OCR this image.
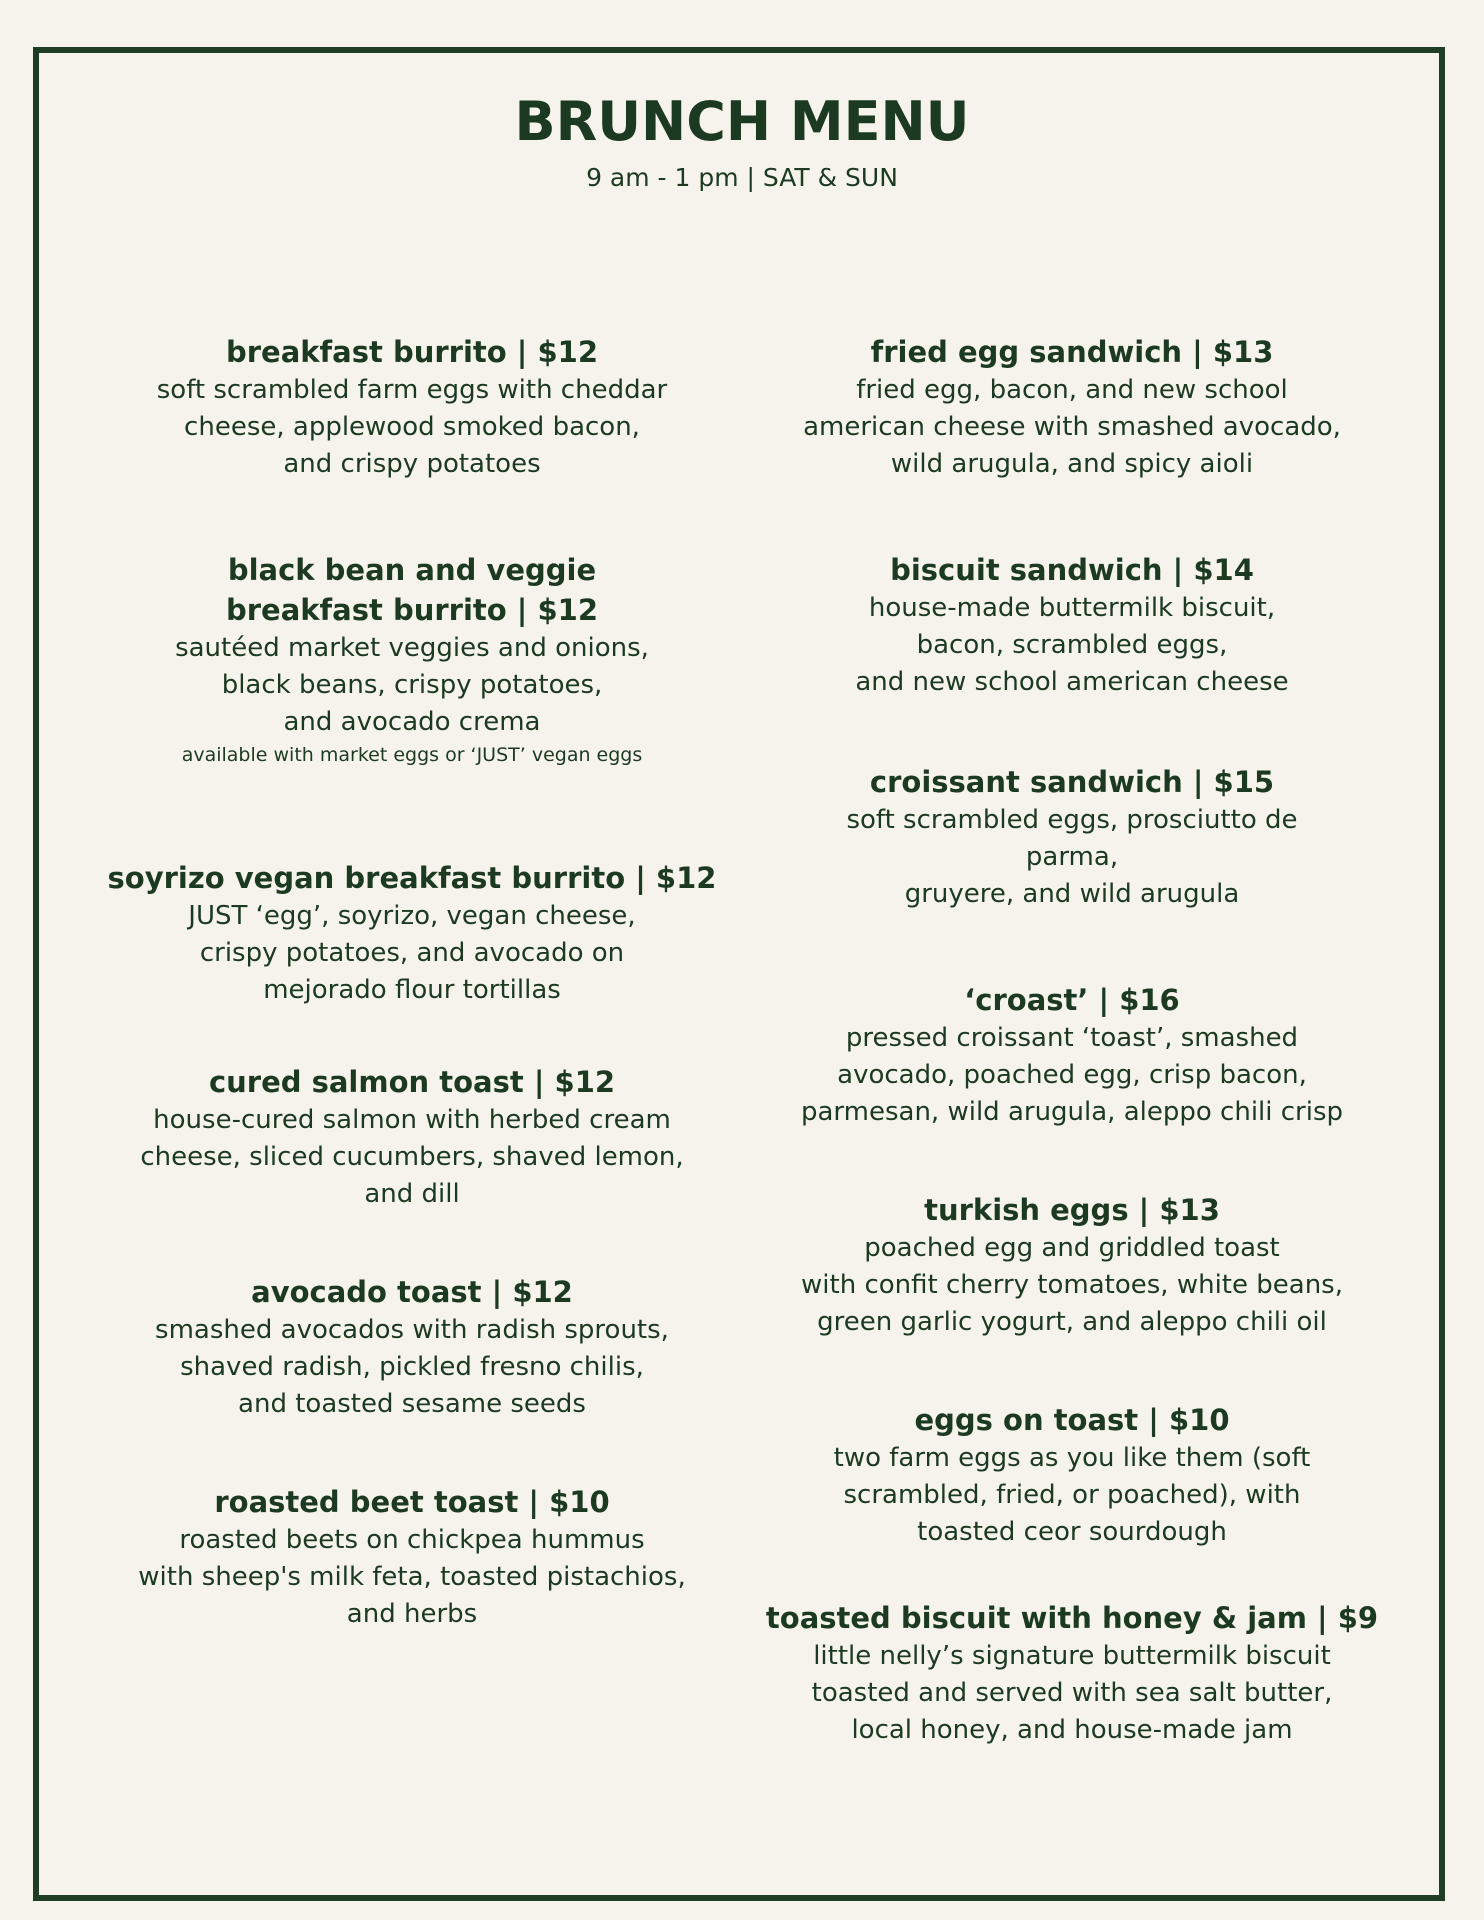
BRUNCH MENU
9 am - 1 pm | SAT & SUN
breakfast burrito | $12
soft scrambled farm eggs with cheddar
cheese, applewood smoked bacon,
and crispy potatoes
black bean and veggie
breakfast burrito | $12
sautéed market veggies and onions,
black beans, crispy potatoes,
and avocado crema
available with market eggs or ‘JUST’ vegan eggs
soyrizo vegan breakfast burrito | $12
JUST ‘egg’, soyrizo, vegan cheese,
crispy potatoes, and avocado on
mejorado flour tortillas
cured salmon toast | $12
house-cured salmon with herbed cream
cheese, sliced cucumbers, shaved lemon,
and dill
avocado toast | $12
smashed avocados with radish sprouts,
shaved radish, pickled fresno chilis,
and toasted sesame seeds
roasted beet toast | $10
roasted beets on chickpea hummus
with sheep's milk feta, toasted pistachios,
and herbs
fried egg sandwich | $13
fried egg, bacon, and new school
american cheese with smashed avocado,
wild arugula, and spicy aioli
biscuit sandwich | $14
house-made buttermilk biscuit,
bacon, scrambled eggs,
and new school american cheese
croissant sandwich | $15
soft scrambled eggs, prosciutto de
parma,
gruyere, and wild arugula
‘croast’ | $16
pressed croissant ‘toast’, smashed
avocado, poached egg, crisp bacon,
parmesan, wild arugula, aleppo chili crisp
turkish eggs | $13
poached egg and griddled toast
with confit cherry tomatoes, white beans,
green garlic yogurt, and aleppo chili oil
eggs on toast | $10
two farm eggs as you like them (soft
scrambled, fried, or poached), with
toasted ceor sourdough
toasted biscuit with honey & jam | $9
little nelly’s signature buttermilk biscuit
toasted and served with sea salt butter,
local honey, and house-made jam
